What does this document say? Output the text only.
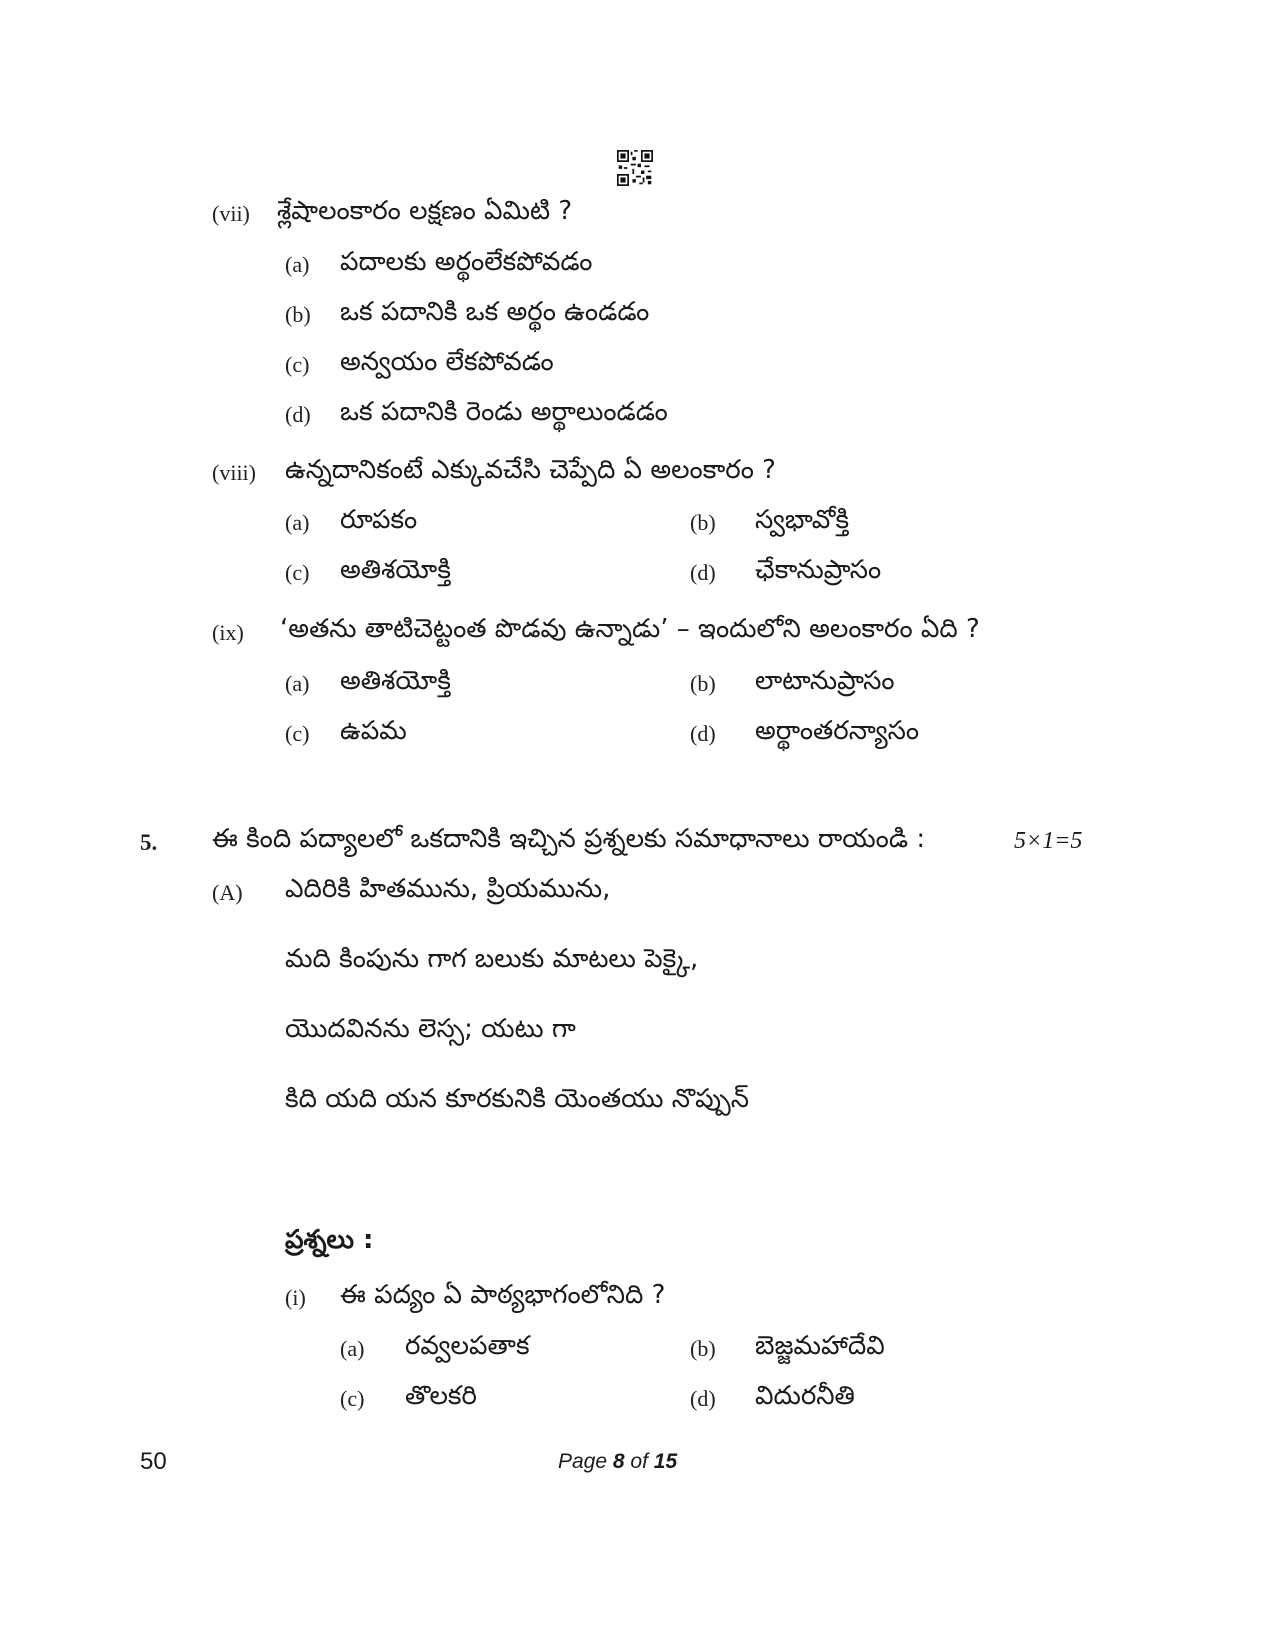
(vii) శ్లేషాలంకారం లక్షణం ఏమిటి ?
(a) పదాలకు అర్థంలేకపోవడం
(b) ఒక పదానికి ఒక అర్థం ఉండడం
(c) అన్వయం లేకపోవడం
(d) ఒక పదానికి రెండు అర్థాలుండడం
(viii) ఉన్నదానికంటే ఎక్కువచేసి చెప్పేది ఏ అలంకారం ?
(a) రూపకం	(b) స్వభావోక్తి
(c) అతిశయోక్తి	(d) ఛేకానుప్రాసం
(ix) ‘అతను తాటిచెట్టంత పొడవు ఉన్నాడు’ – ఇందులోని అలంకారం ఏది ?
(a) అతిశయోక్తి	(b) లాటానుప్రాసం
(c) ఉపమ	(d) అర్థాంతరన్యాసం
5. ఈ కింది పద్యాలలో ఒకదానికి ఇచ్చిన ప్రశ్నలకు సమాధానాలు రాయండి :	5×1=5
(A) ఎదిరికి హితమును, ప్రియమును,
మది కింపును గాగ బలుకు మాటలు పెక్కై,
యొదవినను లెస్స; యటు గా
కిది యది యన కూరకునికి యెంతయు నొప్పున్
ప్రశ్నలు :
(i) ఈ పద్యం ఏ పాఠ్యభాగంలోనిది ?
(a) రవ్వలపతాక	(b) బెజ్జమహాదేవి
(c) తొలకరి	(d) విదురనీతి
50	Page 8 of 15
